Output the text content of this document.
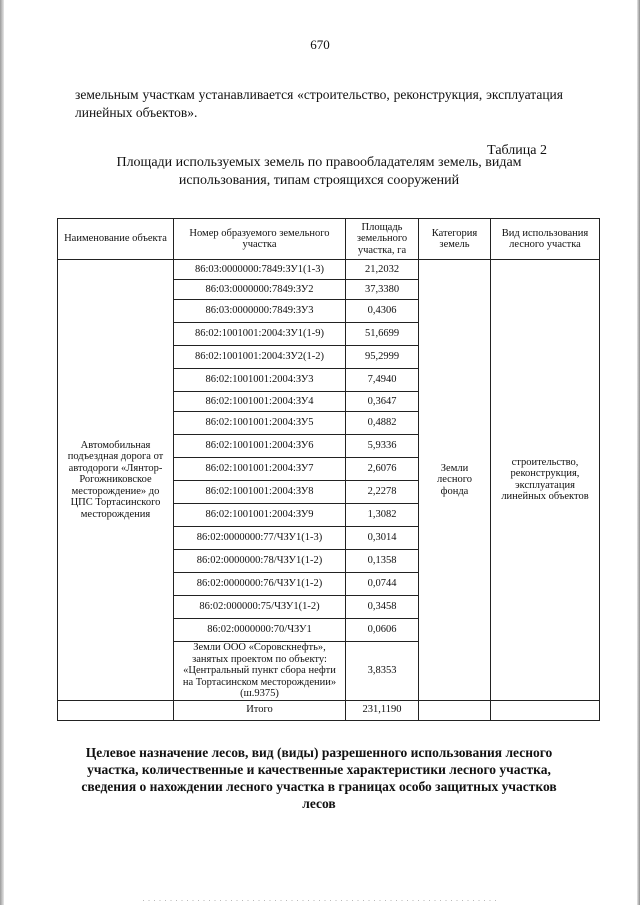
670
земельным участкам устанавливается «строительство, реконструкция, эксплуатация линейных объектов».
Таблица 2
Площади используемых земель по правообладателям земель, видам использования, типам строящихся сооружений
Наименование объекта	Номер образуемого земельного участка	Площадь земельного участка, га	Категория земель	Вид использования лесного участка
Автомобильная подъездная дорога от автодороги «Лянтор-Рогожниковское месторождение» до ЦПС Тортасинского месторождения	86:03:0000000:7849:ЗУ1(1-3)	21,2032	Земли лесного фонда	строительство, реконструкция, эксплуатация линейных объектов
	86:03:0000000:7849:ЗУ2	37,3380		
	86:03:0000000:7849:ЗУ3	0,4306		
	86:02:1001001:2004:ЗУ1(1-9)	51,6699		
	86:02:1001001:2004:ЗУ2(1-2)	95,2999		
	86:02:1001001:2004:ЗУ3	7,4940		
	86:02:1001001:2004:ЗУ4	0,3647		
	86:02:1001001:2004:ЗУ5	0,4882		
	86:02:1001001:2004:ЗУ6	5,9336		
	86:02:1001001:2004:ЗУ7	2,6076		
	86:02:1001001:2004:ЗУ8	2,2278		
	86:02:1001001:2004:ЗУ9	1,3082		
	86:02:0000000:77/ЧЗУ1(1-3)	0,3014		
	86:02:0000000:78/ЧЗУ1(1-2)	0,1358		
	86:02:0000000:76/ЧЗУ1(1-2)	0,0744		
	86:02:000000:75/ЧЗУ1(1-2)	0,3458		
	86:02:0000000:70/ЧЗУ1	0,0606		
	Земли ООО «Соровскнефть», занятых проектом по объекту: «Центральный пункт сбора нефти на Тортасинском месторождении» (ш.9375)	3,8353		
	Итого	231,1190		
Целевое назначение лесов, вид (виды) разрешенного использования лесного участка, количественные и качественные характеристики лесного участка, сведения о нахождении лесного участка в границах особо защитных участков лесов
. . . . . . . . . . . . . . . . . . . . . . . . . . . . . . . . . . . . . . . . . . . . . . . . . . . . . . . . . . . . . . . . .
